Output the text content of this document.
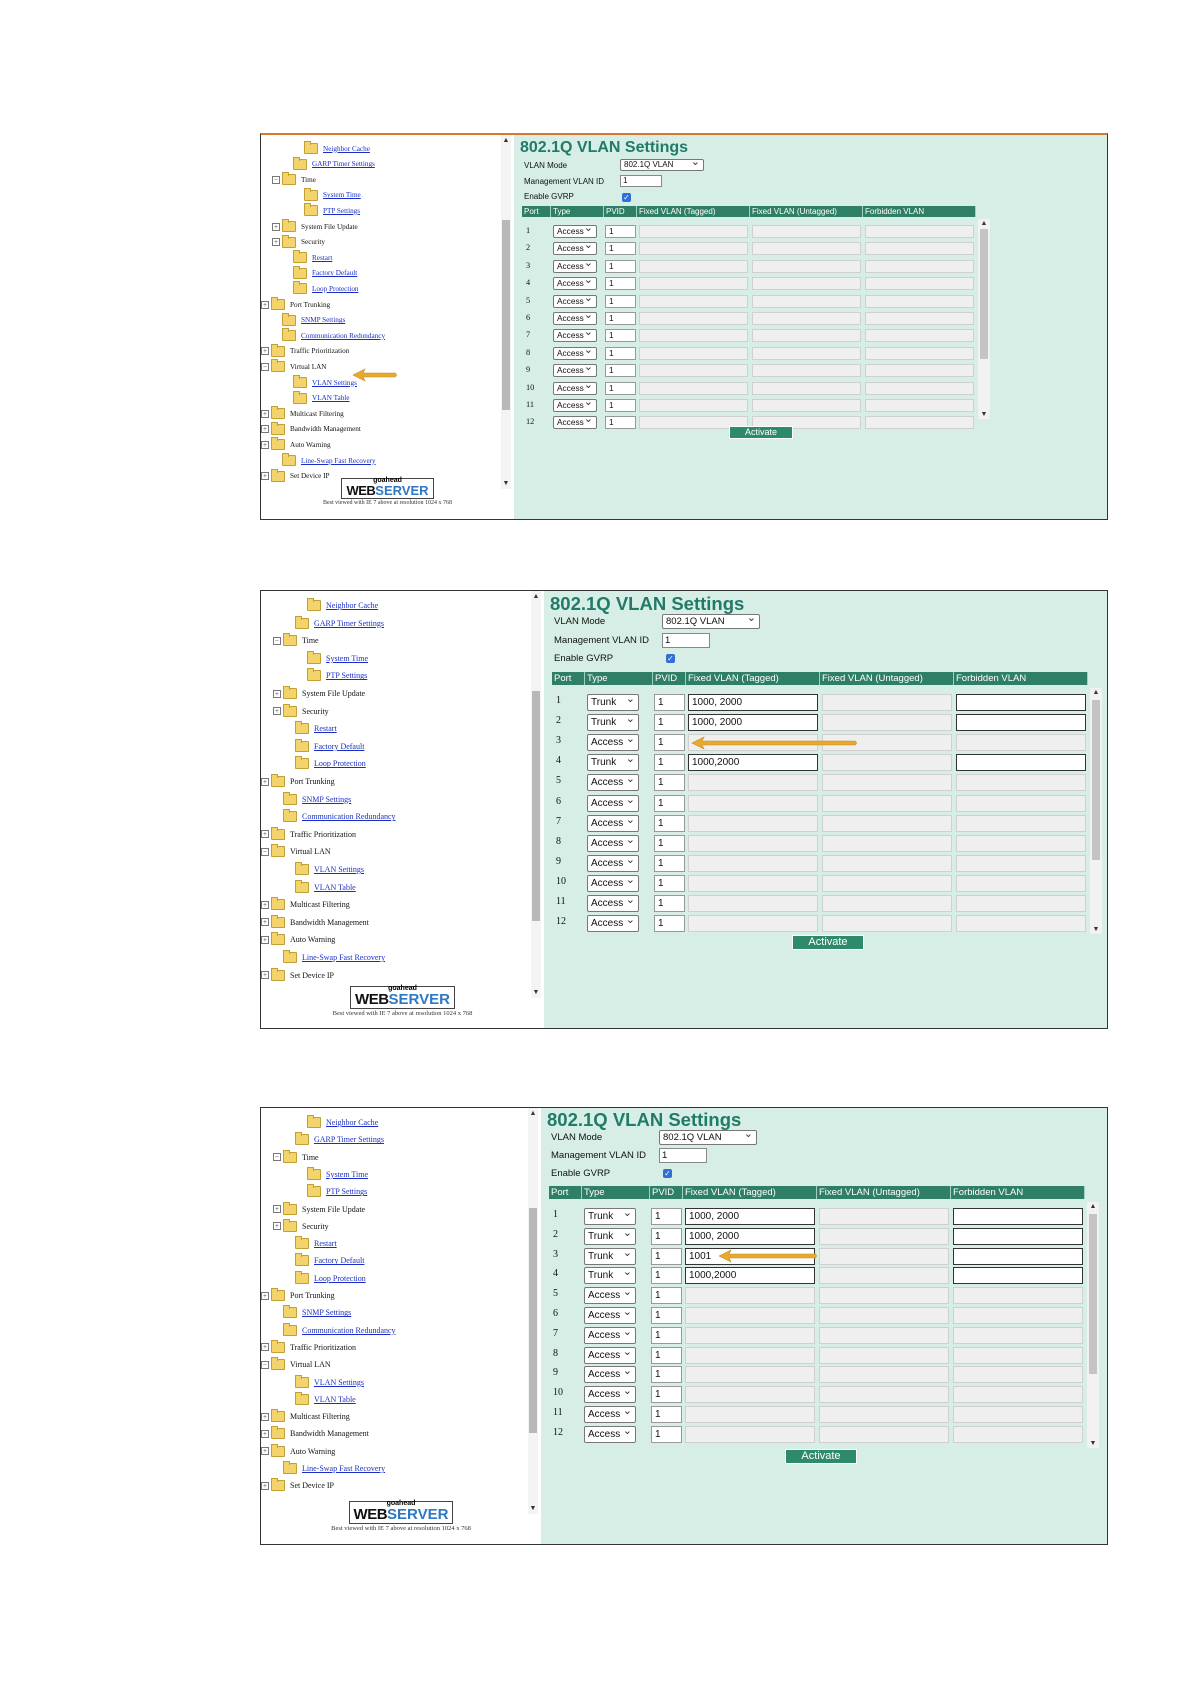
Neighbor Cache
GARP Timer Settings
−	Time
System Time
PTP Settings
+	System File Update
+	Security
Restart
Factory Default
Loop Protection
+	Port Trunking
SNMP Settings
Communication Redundancy
+	Traffic Prioritization
−	Virtual LAN
VLAN Settings
VLAN Table
+	Multicast Filtering
+	Bandwidth Management
+	Auto Warning
Line-Swap Fast Recovery
+	Set Device IP
▲
▼
goahead
WEBSERVER
Best viewed with IE 7 above at resolution 1024 x 768
802.1Q VLAN Settings
VLAN Mode
Management VLAN ID
Enable GVRP
802.1Q VLAN ⌄
1
✓
Port	Type	PVID	Fixed VLAN (Tagged)	Fixed VLAN (Untagged)	Forbidden VLAN
1	Access ⌄	1
2	Access ⌄	1
3	Access ⌄	1
4	Access ⌄	1
5	Access ⌄	1
6	Access ⌄	1
7	Access ⌄	1
8	Access ⌄	1
9	Access ⌄	1
10	Access ⌄	1
11	Access ⌄	1
12	Access ⌄	1
▲
▼
Activate
Neighbor Cache
GARP Timer Settings
−	Time
System Time
PTP Settings
+	System File Update
+	Security
Restart
Factory Default
Loop Protection
+	Port Trunking
SNMP Settings
Communication Redundancy
+	Traffic Prioritization
−	Virtual LAN
VLAN Settings
VLAN Table
+	Multicast Filtering
+	Bandwidth Management
+	Auto Warning
Line-Swap Fast Recovery
+	Set Device IP
▲
▼
goahead
WEBSERVER
Best viewed with IE 7 above at resolution 1024 x 768
802.1Q VLAN Settings
VLAN Mode
Management VLAN ID
Enable GVRP
802.1Q VLAN ⌄
1
✓
Port	Type	PVID	Fixed VLAN (Tagged)	Fixed VLAN (Untagged)	Forbidden VLAN
1	Trunk ⌄	1	1000, 2000
2	Trunk ⌄	1	1000, 2000
3	Access ⌄	1
4	Trunk ⌄	1	1000,2000
5	Access ⌄	1
6	Access ⌄	1
7	Access ⌄	1
8	Access ⌄	1
9	Access ⌄	1
10	Access ⌄	1
11	Access ⌄	1
12	Access ⌄	1
▲
▼
Activate
Neighbor Cache
GARP Timer Settings
−	Time
System Time
PTP Settings
+	System File Update
+	Security
Restart
Factory Default
Loop Protection
+	Port Trunking
SNMP Settings
Communication Redundancy
+	Traffic Prioritization
−	Virtual LAN
VLAN Settings
VLAN Table
+	Multicast Filtering
+	Bandwidth Management
+	Auto Warning
Line-Swap Fast Recovery
+	Set Device IP
▲
▼
goahead
WEBSERVER
Best viewed with IE 7 above at resolution 1024 x 768
802.1Q VLAN Settings
VLAN Mode
Management VLAN ID
Enable GVRP
802.1Q VLAN ⌄
1
✓
Port	Type	PVID	Fixed VLAN (Tagged)	Fixed VLAN (Untagged)	Forbidden VLAN
1	Trunk ⌄	1	1000, 2000
2	Trunk ⌄	1	1000, 2000
3	Trunk ⌄	1	1001
4	Trunk ⌄	1	1000,2000
5	Access ⌄	1
6	Access ⌄	1
7	Access ⌄	1
8	Access ⌄	1
9	Access ⌄	1
10	Access ⌄	1
11	Access ⌄	1
12	Access ⌄	1
▲
▼
Activate
